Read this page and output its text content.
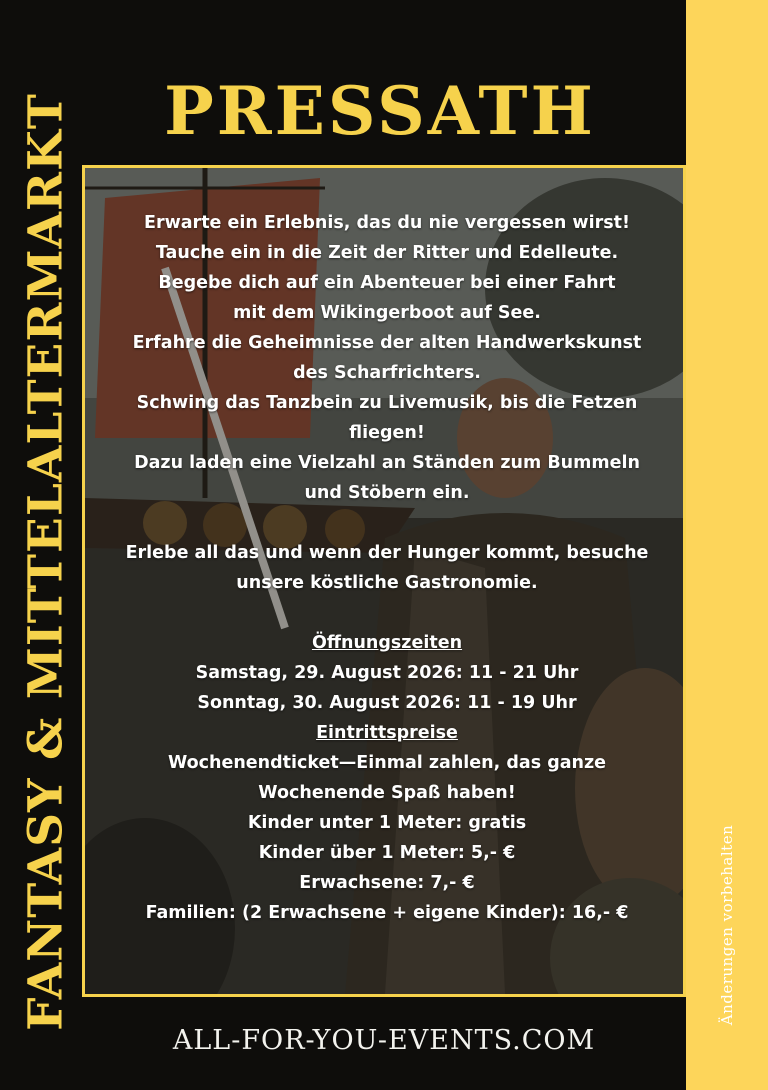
Änderungen vorbehalten
FANTASY & MITTELALTERMARKT PRESSATH
Erwarte ein Erlebnis, das du nie vergessen wirst!
Tauche ein in die Zeit der Ritter und Edelleute.
Begebe dich auf ein Abenteuer bei einer Fahrt
mit dem Wikingerboot auf See.
Erfahre die Geheimnisse der alten Handwerkskunst
des Scharfrichters.
Schwing das Tanzbein zu Livemusik, bis die Fetzen
fliegen!
Dazu laden eine Vielzahl an Ständen zum Bummeln
und Stöbern ein.
Erlebe all das und wenn der Hunger kommt, besuche
unsere köstliche Gastronomie.
Öffnungszeiten
Samstag, 29. August 2026: 11 - 21 Uhr
Sonntag, 30. August 2026: 11 - 19 Uhr
Eintrittspreise
Wochenendticket—Einmal zahlen, das ganze
Wochenende Spaß haben!
Kinder unter 1 Meter: gratis
Kinder über 1 Meter: 5,- €
Erwachsene: 7,- €
Familien: (2 Erwachsene + eigene Kinder): 16,- €
ALL-FOR-YOU-EVENTS.COM
